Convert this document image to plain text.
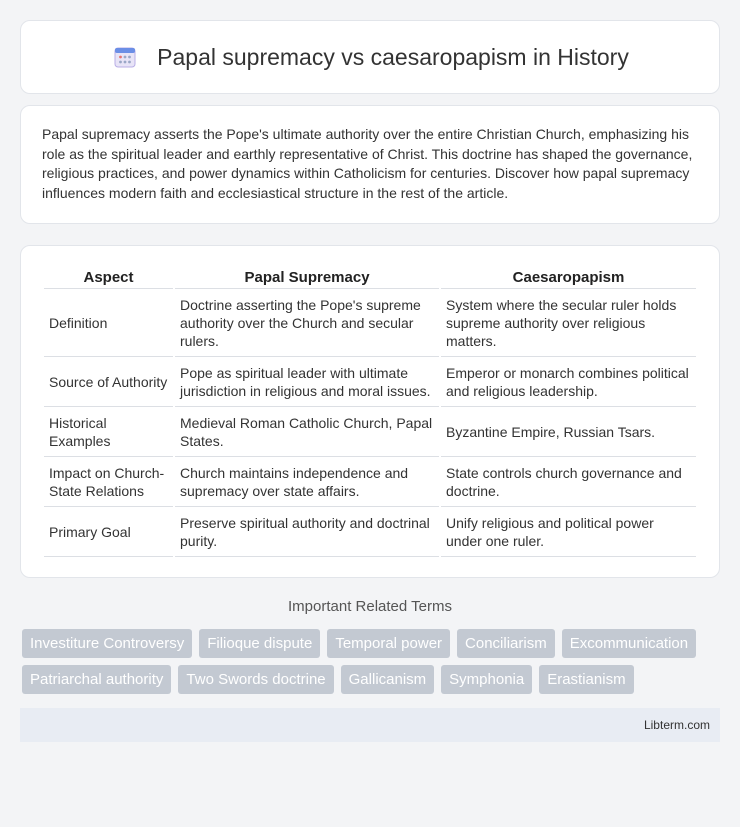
Papal supremacy vs caesaropapism in History

Papal supremacy asserts the Pope's ultimate authority over the entire Christian Church, emphasizing his role as the spiritual leader and earthly representative of Christ. This doctrine has shaped the governance, religious practices, and power dynamics within Catholicism for centuries. Discover how papal supremacy influences modern faith and ecclesiastical structure in the rest of the article.

Aspect	Papal Supremacy	Caesaropapism
Definition	Doctrine asserting the Pope's supreme authority over the Church and secular rulers.	System where the secular ruler holds supreme authority over religious matters.
Source of Authority	Pope as spiritual leader with ultimate jurisdiction in religious and moral issues.	Emperor or monarch combines political and religious leadership.
Historical Examples	Medieval Roman Catholic Church, Papal States.	Byzantine Empire, Russian Tsars.
Impact on Church-State Relations	Church maintains independence and supremacy over state affairs.	State controls church governance and doctrine.
Primary Goal	Preserve spiritual authority and doctrinal purity.	Unify religious and political power under one ruler.
Important Related Terms
Investiture Controversy	Filioque dispute	Temporal power	Conciliarism	Excommunication
Patriarchal authority	Two Swords doctrine	Gallicanism	Symphonia	Erastianism
Libterm.com
